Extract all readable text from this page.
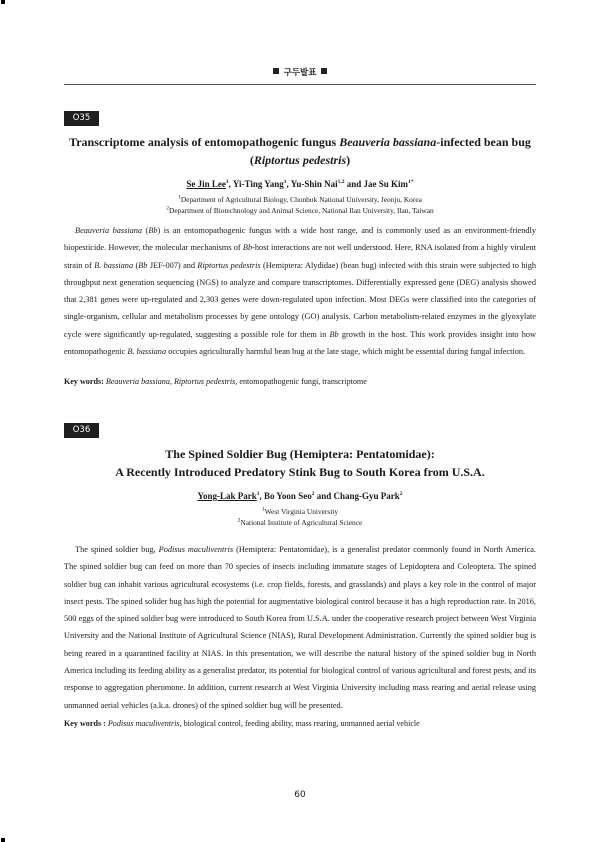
구두발표
O35
Transcriptome analysis of entomopathogenic fungus Beauveria bassiana-infected bean bug
(Riptortus pedestris)
Se Jin Lee$^1$, Yi-Ting Yang$^1$, Yu-Shin Nai$^{1,2}$ and Jae Su Kim$^{1*}$
$^1$Department of Agricultural Biology, Chonbuk National University, Jeonju, Korea
$^2$Department of Biotechnology and Animal Science, National Ilan University, Ilan, Taiwan
Beauveria bassiana (Bb) is an entomopathogenic fungus with a wide host range, and is commonly used as an environment-friendly biopesticide. However, the molecular mechanisms of Bb-host interactions are not well understood. Here, RNA isolated from a highly virulent strain of B. bassiana (Bb JEF-007) and Riptortus pedestris (Hemiptera: Alydidae) (bean bug) infected with this strain were subjected to high throughput next generation sequencing (NGS) to analyze and compare transcriptomes. Differentially expressed gene (DEG) analysis showed that 2,381 genes were up-regulated and 2,303 genes were down-regulated upon infection. Most DEGs were classified into the categories of single-organism, cellular and metabolism processes by gene ontology (GO) analysis. Carbon metabolism-related enzymes in the glyoxylate cycle were significantly up-regulated, suggesting a possible role for them in Bb growth in the host. This work provides insight into how entomopathogenic B. bassiana occupies agriculturally harmful bean bug at the late stage, which might be essential during fungal infection.
Key words: Beauveria bassiana, Riptortus pedestris, entomopathogenic fungi, transcriptome
O36
The Spined Soldier Bug (Hemiptera: Pentatomidae):
A Recently Introduced Predatory Stink Bug to South Korea from U.S.A.
Yong-Lak Park$^1$, Bo Yoon Seo$^2$ and Chang-Gyu Park$^2$
$^1$West Virginia University
$^2$National Institute of Agricultural Science
The spined soldier bug, Podisus maculiventris (Hemiptera: Pentatomidae), is a generalist predator commonly found in North America. The spined soldier bug can feed on more than 70 species of insects including immature stages of Lepidoptera and Coleoptera. The spined soldier bug can inhabit various agricultural ecosystems (i.e. crop fields, forests, and grasslands) and plays a key role in the control of major insect pests. The spined solider bug has high the potential for augmentative biological control because it has a high reproduction rate. In 2016, 500 eggs of the spined soldier bug were introduced to South Korea from U.S.A. under the cooperative research project between West Virginia University and the National Institute of Agricultural Science (NIAS), Rural Development Administration. Currently the spined soldier bug is being reared in a quarantined facility at NIAS. In this presentation, we will describe the natural history of the spined soldier bug in North America including its feeding ability as a generalist predator, its potential for biological control of various agricultural and forest pests, and its response to aggregation pheromone. In addition, current research at West Virginia University including mass rearing and aerial release using unmanned aerial vehicles (a.k.a. drones) of the spined soldier bug will be presented.
Key words : Podisus maculiventris, biological control, feeding ability, mass rearing, unmanned aerial vehicle
60
